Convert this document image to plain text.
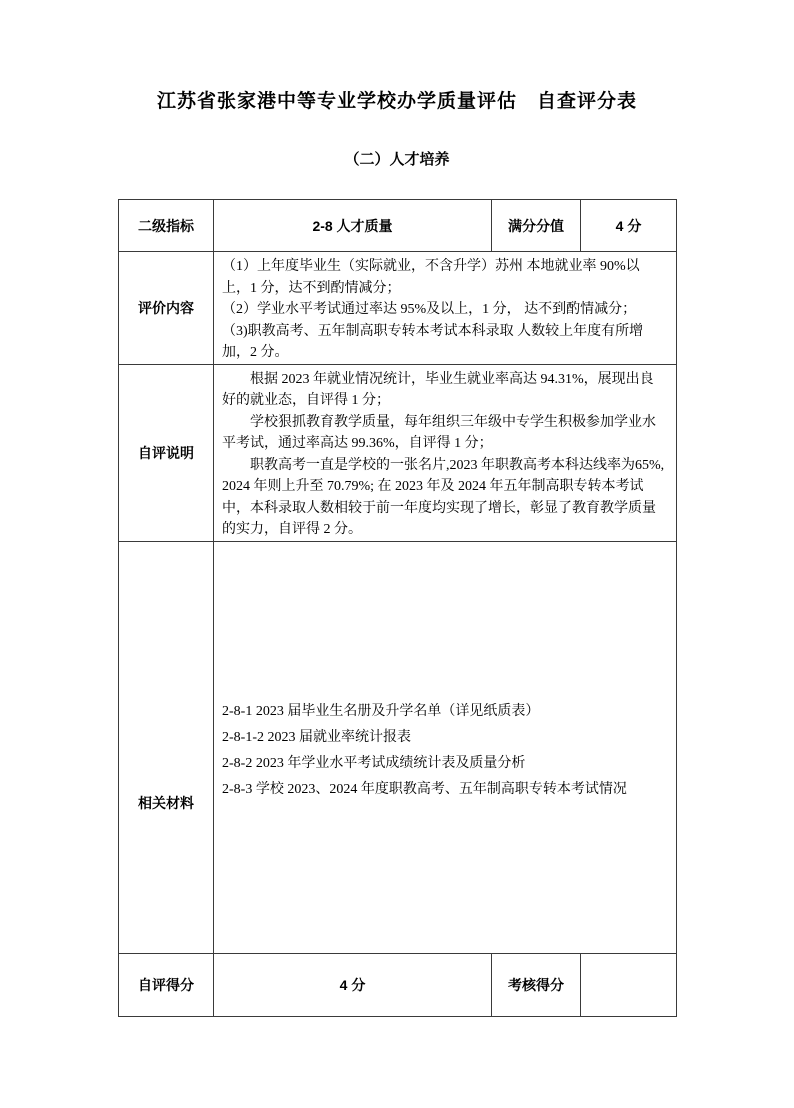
江苏省张家港中等专业学校办学质量评估　自查评分表
（二）人才培养
二级指标	2-8 人才质量	满分分值	4 分
评价内容	（1）上年度毕业生（实际就业，不含升学）苏州 本地就业率 90%以上，1 分，达不到酌情减分；
（2）学业水平考试通过率达 95%及以上，1 分， 达不到酌情减分；
（3)职教高考、五年制高职专转本考试本科录取 人数较上年度有所增加，2 分。		

自评说明	根据 2023 年就业情况统计，毕业生就业率高达 94.31%，展现出良好的就业态，自评得 1 分；
学校狠抓教育教学质量，每年组织三年级中专学生积极参加学业水平考试，通过率高达 99.36%，自评得 1 分；
职教高考一直是学校的一张名片,2023 年职教高考本科达线率为65%, 2024 年则上升至 70.79%; 在 2023 年及 2024 年五年制高职专转本考试中，本科录取人数相较于前一年度均实现了增长，彰显了教育教学质量的实力，自评得 2 分。		

相关材料	2-8-1 2023 届毕业生名册及升学名单（详见纸质表）
2-8-1-2 2023 届就业率统计报表
2-8-2 2023 年学业水平考试成绩统计表及质量分析
2-8-3 学校 2023、2024 年度职教高考、五年制高职专转本考试情况		

自评得分	4 分	考核得分	
